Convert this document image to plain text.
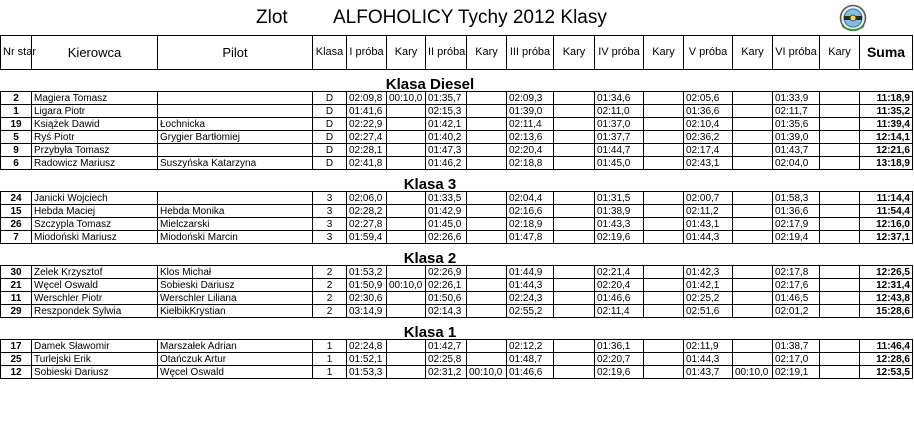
Zlot ALFOHOLICY Tychy 2012 Klasy
Nr star	Kierowca	Pilot	Klasa	I próba	Kary	II próba	Kary	III próba	Kary	IV próba	Kary	V próba	Kary	VI próba	Kary	Suma
Klasa Diesel																
2	Magiera Tomasz		D	02:09,8	00:10,0	01:35,7		02:09,3		01:34,6		02:05,6		01:33,9		11:18,9
1	Ligara Piotr		D	01:41,6		02:15,3		01:39,0		02:11,0		01:36,6		02:11,7		11:35,2
19	Książek Dawid	Łochnicka	D	02:22,9		01:42,1		02:11,4		01:37,0		02:10,4		01:35,6		11:39,4
5	Ryś Piotr	Grygier Bartłomiej	D	02:27,4		01:40,2		02:13,6		01:37,7		02:36,2		01:39,0		12:14,1
9	Przybyła Tomasz		D	02:28,1		01:47,3		02:20,4		01:44,7		02:17,4		01:43,7		12:21,6
6	Radowicz Mariusz	Suszyńska Katarzyna	D	02:41,8		01:46,2		02:18,8		01:45,0		02:43,1		02:04,0		13:18,9
Klasa 3																
24	Janicki Wojciech		3	02:06,0		01:33,5		02:04,4		01:31,5		02:00,7		01:58,3		11:14,4
15	Hebda Maciej	Hebda Monika	3	02:28,2		01:42,9		02:16,6		01:38,9		02:11,2		01:36,6		11:54,4
26	Szczypla Tomasz	Mielczarski	3	02:27,8		01:45,0		02:18,9		01:43,3		01:43,1		02:17,9		12:16,0
7	Miodoński Mariusz	Miodoński Marcin	3	01:59,4		02:26,6		01:47,8		02:19,6		01:44,3		02:19,4		12:37,1
Klasa 2																
30	Zelek Krzysztof	Klos Michał	2	01:53,2		02:26,9		01:44,9		02:21,4		01:42,3		02:17,8		12:26,5
21	Węcel Oswald	Sobieski Dariusz	2	01:50,9	00:10,0	02:26,1		01:44,3		02:20,4		01:42,1		02:17,6		12:31,4
11	Werschler Piotr	Werschler Liliana	2	02:30,6		01:50,6		02:24,3		01:46,6		02:25,2		01:46,5		12:43,8
29	Reszpondek Sylwia	KiełbikKrystian	2	03:14,9		02:14,3		02:55,2		02:11,4		02:51,6		02:01,2		15:28,6
Klasa 1																
17	Damek Sławomir	Marszałek Adrian	1	02:24,8		01:42,7		02:12,2		01:36,1		02:11,9		01:38,7		11:46,4
25	Turlejski Erik	Otańczuk Artur	1	01:52,1		02:25,8		01:48,7		02:20,7		01:44,3		02:17,0		12:28,6
12	Sobieski Dariusz	Węcel Oswald	1	01:53,3		02:31,2	00:10,0	01:46,6		02:19,6		01:43,7	00:10,0	02:19,1		12:53,5
